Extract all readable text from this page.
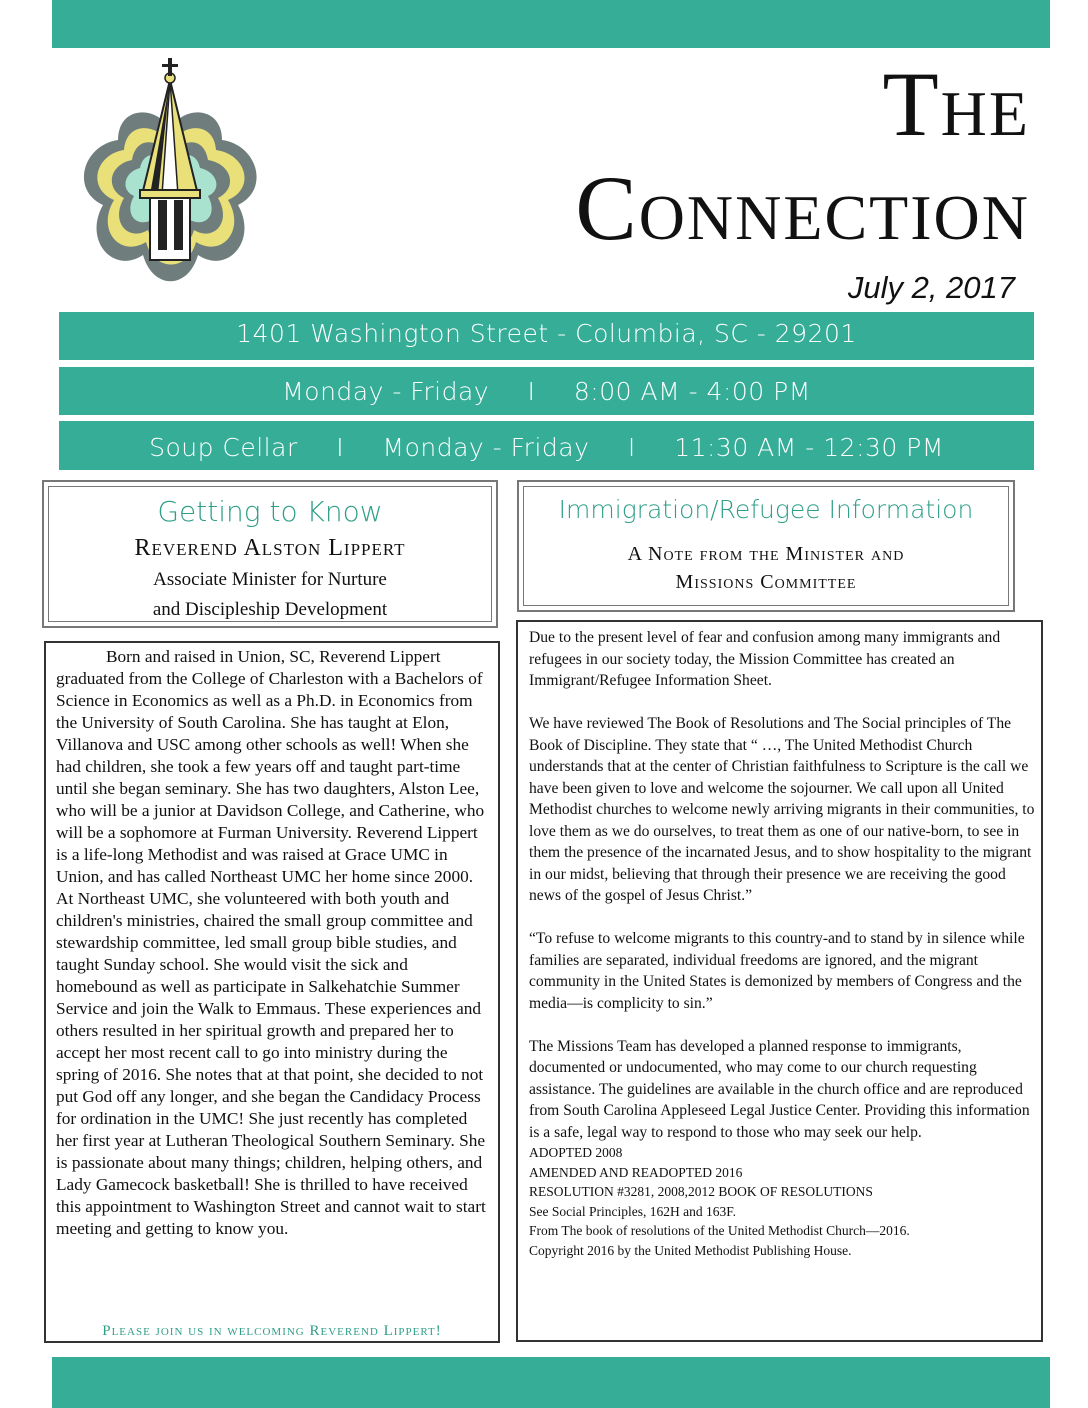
The
Connection
July 2, 2017
1401 Washington Street - Columbia, SC - 29201
Monday - Friday I 8:00 AM - 4:00 PM
Soup Cellar I Monday - Friday I 11:30 AM - 12:30 PM
Getting to Know
Reverend Alston Lippert
Associate Minister for Nurture
and Discipleship Development
Immigration/Refugee Information
A Note from the Minister and
Missions Committee
Born and raised in Union, SC, Reverend Lippert graduated from the College of Charleston with a Bachelors of Science in Economics as well as a Ph.D. in Economics from the University of South Carolina. She has taught at Elon, Villanova and USC among other schools as well! When she had children, she took a few years off and taught part-time until she began seminary. She has two daughters, Alston Lee, who will be a junior at Davidson College, and Catherine, who will be a sophomore at Furman University. Reverend Lippert is a life-long Methodist and was raised at Grace UMC in Union, and has called Northeast UMC her home since 2000. At Northeast UMC, she volunteered with both youth and children's ministries, chaired the small group committee and stewardship committee, led small group bible studies, and taught Sunday school. She would visit the sick and homebound as well as participate in Salkehatchie Summer Service and join the Walk to Emmaus. These experiences and others resulted in her spiritual growth and prepared her to accept her most recent call to go into ministry during the spring of 2016. She notes that at that point, she decided to not put God off any longer, and she began the Candidacy Process for ordination in the UMC! She just recently has completed her first year at Lutheran Theological Southern Seminary. She is passionate about many things; children, helping others, and Lady Gamecock basketball! She is thrilled to have received this appointment to Washington Street and cannot wait to start meeting and getting to know you.
Please join us in welcoming Reverend Lippert!

Due to the present level of fear and confusion among many immigrants and refugees in our society today, the Mission Committee has created an Immigrant/Refugee Information Sheet.

We have reviewed The Book of Resolutions and The Social principles of The Book of Discipline. They state that “ …, The United Methodist Church understands that at the center of Christian faithfulness to Scripture is the call we have been given to love and welcome the sojourner. We call upon all United Methodist churches to welcome newly arriving migrants in their communities, to love them as we do ourselves, to treat them as one of our native-born, to see in them the presence of the incarnated Jesus, and to show hospitality to the migrant in our midst, believing that through their presence we are receiving the good news of the gospel of Jesus Christ.”

“To refuse to welcome migrants to this country-and to stand by in silence while families are separated, individual freedoms are ignored, and the migrant community in the United States is demonized by members of Congress and the media—is complicity to sin.”

The Missions Team has developed a planned response to immigrants, documented or undocumented, who may come to our church requesting assistance. The guidelines are available in the church office and are reproduced from South Carolina Appleseed Legal Justice Center. Providing this information is a safe, legal way to respond to those who may seek our help.

ADOPTED 2008
AMENDED AND READOPTED 2016
RESOLUTION #3281, 2008,2012 BOOK OF RESOLUTIONS
See Social Principles, 162H and 163F.
From The book of resolutions of the United Methodist Church—2016.
Copyright 2016 by the United Methodist Publishing House.
